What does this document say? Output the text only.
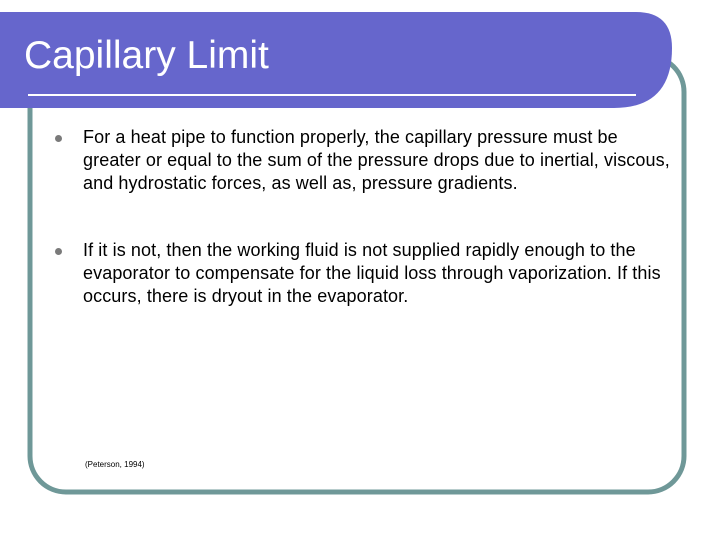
Capillary Limit
For a heat pipe to function properly, the capillary pressure must be greater or equal to the sum of the pressure drops due to inertial, viscous, and hydrostatic forces, as well as, pressure gradients.
If it is not, then the working fluid is not supplied rapidly enough to the evaporator to compensate for the liquid loss through vaporization. If this occurs, there is dryout in the evaporator.

(Peterson, 1994)
